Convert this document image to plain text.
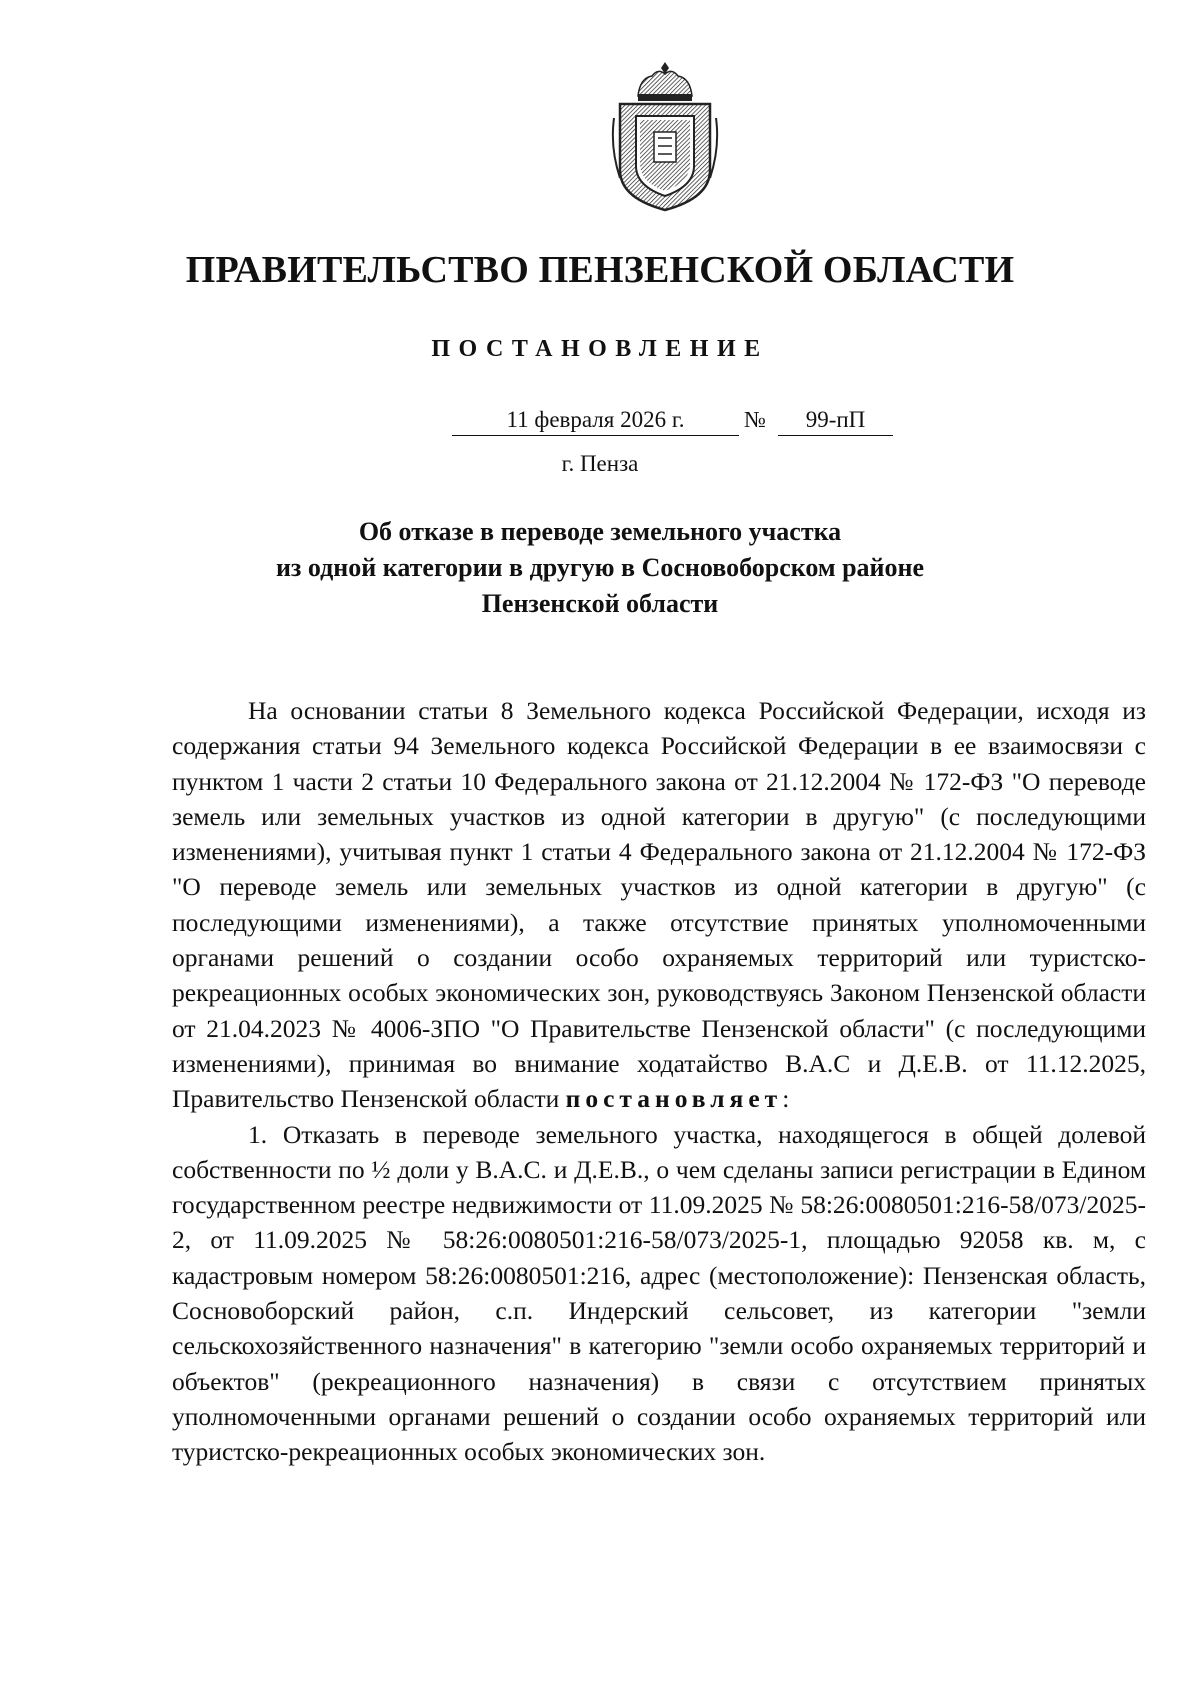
ПРАВИТЕЛЬСТВО ПЕНЗЕНСКОЙ ОБЛАСТИ
ПОСТАНОВЛЕНИЕ
11 февраля 2026 г.	№	99-пП
г. Пенза
Об отказе в переводе земельного участка
из одной категории в другую в Сосновоборском районе
Пензенской области

На основании статьи 8 Земельного кодекса Российской Федерации, исходя из содержания статьи 94 Земельного кодекса Российской Федерации в ее взаимосвязи с пунктом 1 части 2 статьи 10 Федерального закона от 21.12.2004 № 172-ФЗ "О переводе земель или земельных участков из одной категории в другую" (с последующими изменениями), учитывая пункт 1 статьи 4 Федерального закона от 21.12.2004 № 172-ФЗ "О переводе земель или земельных участков из одной категории в другую" (с последующими изменениями), а также отсутствие принятых уполномоченными органами решений о создании особо охраняемых территорий или туристско-рекреационных особых экономических зон, руководствуясь Законом Пензенской области от 21.04.2023 № 4006-ЗПО "О Правительстве Пензенской области" (с последующими изменениями), принимая во внимание ходатайство В.А.С и Д.Е.В. от 11.12.2025, Правительство Пензенской области постановляет:

1. Отказать в переводе земельного участка, находящегося в общей долевой собственности по ½ доли у В.А.С. и Д.Е.В., о чем сделаны записи регистрации в Едином государственном реестре недвижимости от 11.09.2025 № 58:26:0080501:216-58/073/2025-2, от 11.09.2025 № 58:26:0080501:216-58/073/2025-1, площадью 92058 кв. м, с кадастровым номером 58:26:0080501:216, адрес (местоположение): Пензенская область, Сосновоборский район, с.п. Индерский сельсовет, из категории "земли сельскохозяйственного назначения" в категорию "земли особо охраняемых территорий и объектов" (рекреационного назначения) в связи с отсутствием принятых уполномоченными органами решений о создании особо охраняемых территорий или туристско-рекреационных особых экономических зон.
